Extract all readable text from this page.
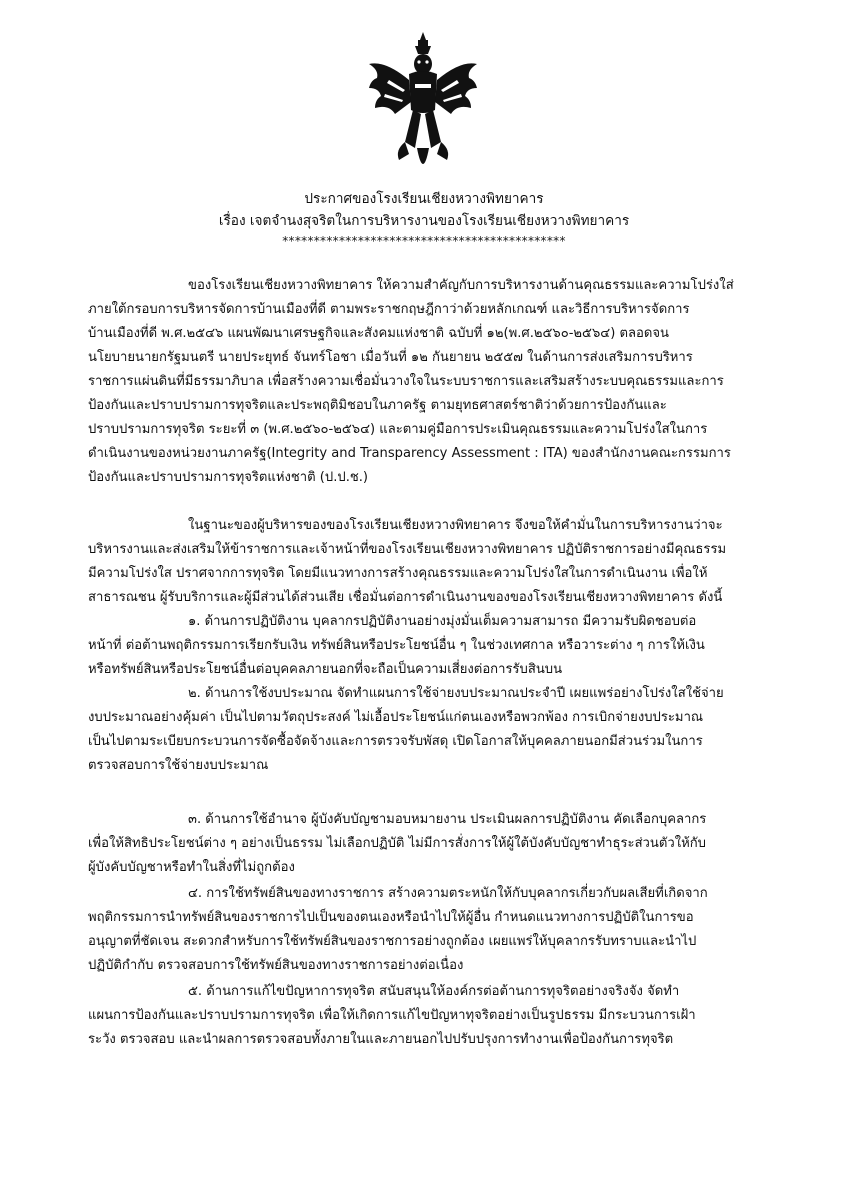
ประกาศของโรงเรียนเชียงหวางพิทยาคาร
เรื่อง เจตจำนงสุจริตในการบริหารงานของโรงเรียนเชียงหวางพิทยาคาร
*********************************************
ของโรงเรียนเชียงหวางพิทยาคาร ให้ความสำคัญกับการบริหารงานด้านคุณธรรมและความโปร่งใส่
ภายใต้กรอบการบริหารจัดการบ้านเมืองที่ดี ตามพระราชกฤษฎีกาว่าด้วยหลักเกณฑ์ และวิธีการบริหารจัดการ
บ้านเมืองที่ดี พ.ศ.๒๕๔๖ แผนพัฒนาเศรษฐกิจและสังคมแห่งชาติ ฉบับที่ ๑๒(พ.ศ.๒๕๖๐-๒๕๖๔) ตลอดจน
นโยบายนายกรัฐมนตรี นายประยุทธ์ จันทร์โอชา เมื่อวันที่ ๑๒ กันยายน ๒๕๕๗ ในด้านการส่งเสริมการบริหาร
ราชการแผ่นดินที่มีธรรมาภิบาล เพื่อสร้างความเชื่อมั่นวางใจในระบบราชการและเสริมสร้างระบบคุณธรรมและการ
ป้องกันและปราบปรามการทุจริตและประพฤติมิชอบในภาครัฐ ตามยุทธศาสตร์ชาติว่าด้วยการป้องกันและ
ปราบปรามการทุจริต ระยะที่ ๓ (พ.ศ.๒๕๖๐-๒๕๖๔) และตามคู่มือการประเมินคุณธรรมและความโปร่งใสในการ
ดำเนินงานของหน่วยงานภาครัฐ(Integrity and Transparency Assessment : ITA) ของสำนักงานคณะกรรมการ
ป้องกันและปราบปรามการทุจริตแห่งชาติ (ป.ป.ช.)
ในฐานะของผู้บริหารของของโรงเรียนเชียงหวางพิทยาคาร จึงขอให้คำมั่นในการบริหารงานว่าจะ
บริหารงานและส่งเสริมให้ข้าราชการและเจ้าหน้าที่ของโรงเรียนเชียงหวางพิทยาคาร ปฏิบัติราชการอย่างมีคุณธรรม
มีความโปร่งใส ปราศจากการทุจริต โดยมีแนวทางการสร้างคุณธรรมและความโปร่งใสในการดำเนินงาน เพื่อให้
สาธารณชน ผู้รับบริการและผู้มีส่วนได้ส่วนเสีย เชื่อมั่นต่อการดำเนินงานของของโรงเรียนเชียงหวางพิทยาคาร ดังนี้
๑. ด้านการปฏิบัติงาน บุคลากรปฏิบัติงานอย่างมุ่งมั่นเต็มความสามารถ มีความรับผิดชอบต่อ
หน้าที่ ต่อต้านพฤติกรรมการเรียกรับเงิน ทรัพย์สินหรือประโยชน์อื่น ๆ ในช่วงเทศกาล หรือวาระต่าง ๆ การให้เงิน
หรือทรัพย์สินหรือประโยชน์อื่นต่อบุคคลภายนอกที่จะถือเป็นความเสี่ยงต่อการรับสินบน
๒. ด้านการใช้งบประมาณ จัดทำแผนการใช้จ่ายงบประมาณประจำปี เผยแพร่อย่างโปร่งใสใช้จ่าย
งบประมาณอย่างคุ้มค่า เป็นไปตามวัตถุประสงค์ ไม่เอื้อประโยชน์แก่ตนเองหรือพวกพ้อง การเบิกจ่ายงบประมาณ
เป็นไปตามระเบียบกระบวนการจัดซื้อจัดจ้างและการตรวจรับพัสดุ เปิดโอกาสให้บุคคลภายนอกมีส่วนร่วมในการ
ตรวจสอบการใช้จ่ายงบประมาณ
๓. ด้านการใช้อำนาจ ผู้บังคับบัญชามอบหมายงาน ประเมินผลการปฏิบัติงาน คัดเลือกบุคลากร
เพื่อให้สิทธิประโยชน์ต่าง ๆ อย่างเป็นธรรม ไม่เลือกปฏิบัติ ไม่มีการสั่งการให้ผู้ใต้บังคับบัญชาทำธุระส่วนตัวให้กับ
ผู้บังคับบัญชาหรือทำในสิ่งที่ไม่ถูกต้อง
๔. การใช้ทรัพย์สินของทางราชการ สร้างความตระหนักให้กับบุคลากรเกี่ยวกับผลเสียที่เกิดจาก
พฤติกรรมการนำทรัพย์สินของราชการไปเป็นของตนเองหรือนำไปให้ผู้อื่น กำหนดแนวทางการปฏิบัติในการขอ
อนุญาตที่ชัดเจน สะดวกสำหรับการใช้ทรัพย์สินของราชการอย่างถูกต้อง เผยแพร่ให้บุคลากรรับทราบและนำไป
ปฏิบัติกำกับ ตรวจสอบการใช้ทรัพย์สินของทางราชการอย่างต่อเนื่อง
๕. ด้านการแก้ไขปัญหาการทุจริต สนับสนุนให้องค์กรต่อต้านการทุจริตอย่างจริงจัง จัดทำ
แผนการป้องกันและปราบปรามการทุจริต เพื่อให้เกิดการแก้ไขปัญหาทุจริตอย่างเป็นรูปธรรม มีกระบวนการเฝ้า
ระวัง ตรวจสอบ และนำผลการตรวจสอบทั้งภายในและภายนอกไปปรับปรุงการทำงานเพื่อป้องกันการทุจริต
